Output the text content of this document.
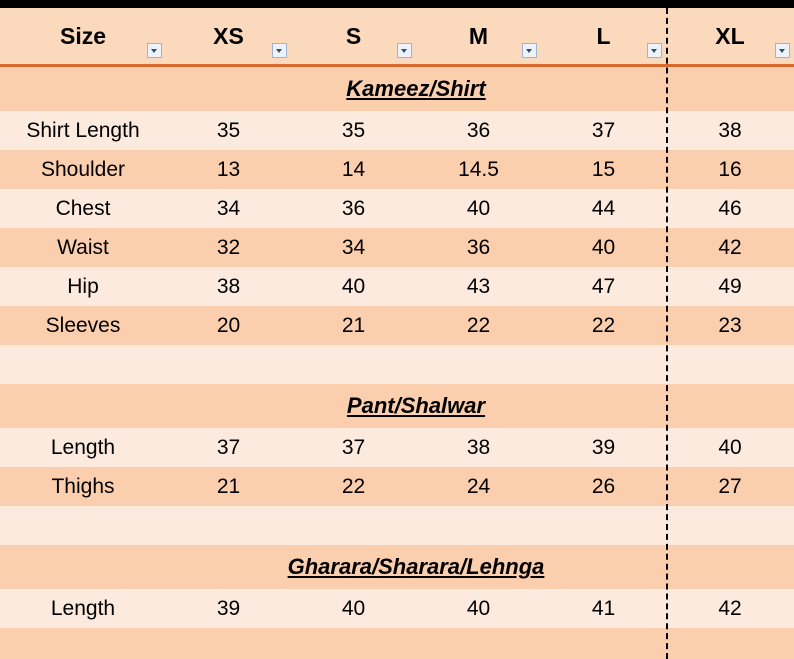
Size	XS	S	M	L	XL

	Kameez/Shirt				
Shirt Length	35	35	36	37	38
Shoulder	13	14	14.5	15	16
Chest	34	36	40	44	46
Waist	32	34	36	40	42
Hip	38	40	43	47	49
Sleeves	20	21	22	22	23

	Pant/Shalwar				
Length	37	37	38	39	40
Thighs	21	22	24	26	27

	Gharara/Sharara/Lehnga				
Length	39	40	40	41	42
